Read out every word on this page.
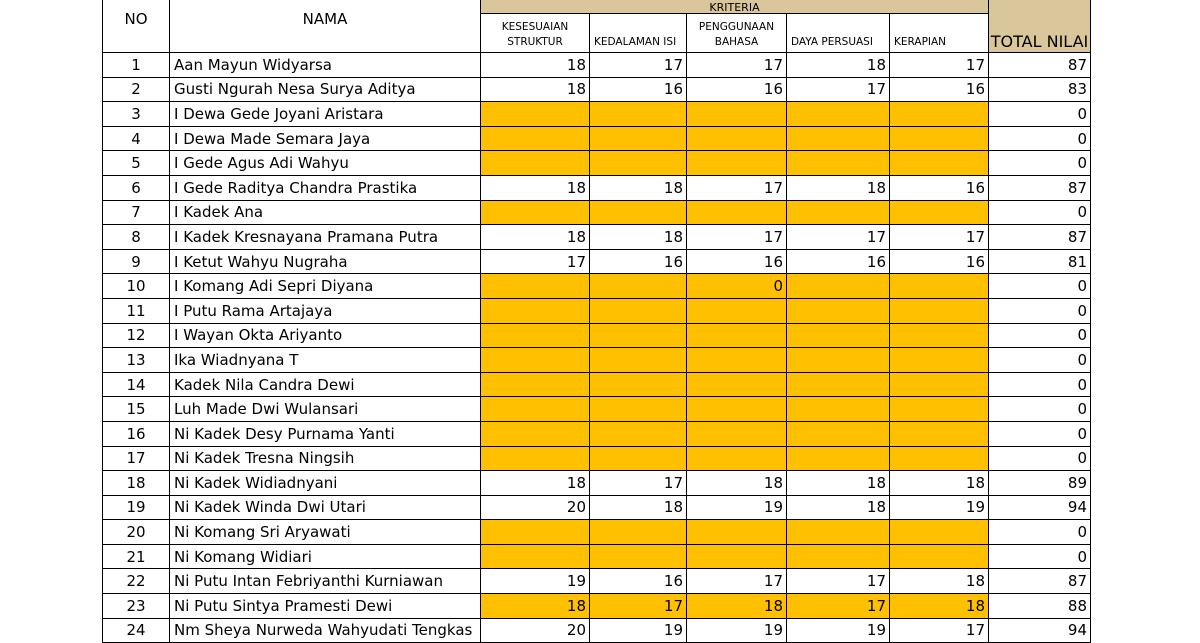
NO	NAMA	KRITERIA					TOTAL NILAI
		KESESUAIAN STRUKTUR	KEDALAMAN ISI	PENGGUNAAN BAHASA	DAYA PERSUASI	KERAPIAN	
1	Aan Mayun Widyarsa	18	17	17	18	17	87
2	Gusti Ngurah Nesa Surya Aditya	18	16	16	17	16	83
3	I Dewa Gede Joyani Aristara						0
4	I Dewa Made Semara Jaya						0
5	I Gede Agus Adi Wahyu						0
6	I Gede Raditya Chandra Prastika	18	18	17	18	16	87
7	I Kadek Ana						0
8	I Kadek Kresnayana Pramana Putra	18	18	17	17	17	87
9	I Ketut Wahyu Nugraha	17	16	16	16	16	81
10	I Komang Adi Sepri Diyana			0			0
11	I Putu Rama Artajaya						0
12	I Wayan Okta Ariyanto						0
13	Ika Wiadnyana T						0
14	Kadek Nila Candra Dewi						0
15	Luh Made Dwi Wulansari						0
16	Ni Kadek Desy Purnama Yanti						0
17	Ni Kadek Tresna Ningsih						0
18	Ni Kadek Widiadnyani	18	17	18	18	18	89
19	Ni Kadek Winda Dwi Utari	20	18	19	18	19	94
20	Ni Komang Sri Aryawati						0
21	Ni Komang Widiari						0
22	Ni Putu Intan Febriyanthi Kurniawan	19	16	17	17	18	87
23	Ni Putu Sintya Pramesti Dewi	18	17	18	17	18	88
24	Nm Sheya Nurweda Wahyudati Tengkas	20	19	19	19	17	94
